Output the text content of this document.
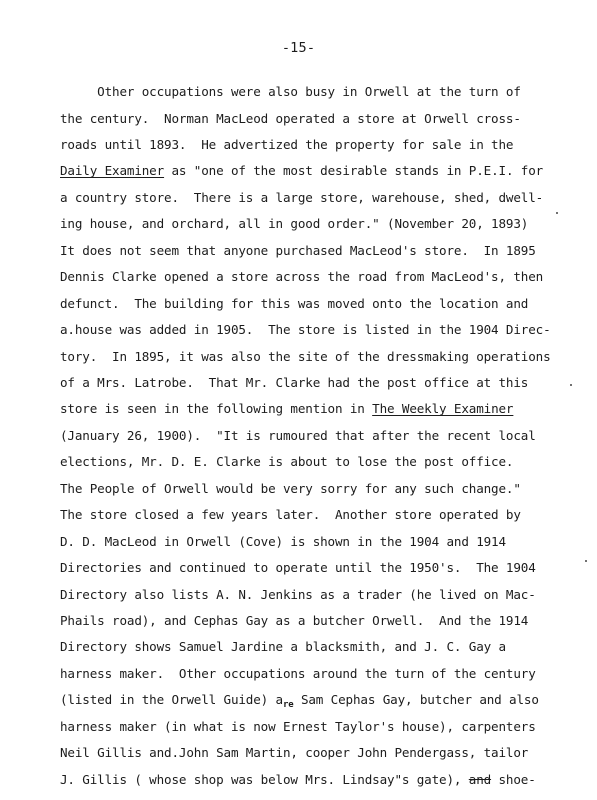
-15-
Other occupations were also busy in Orwell at the turn of
the century.  Norman MacLeod operated a store at Orwell cross-
roads until 1893.  He advertized the property for sale in the
Daily Examiner as "one of the most desirable stands in P.E.I. for
a country store.  There is a large store, warehouse, shed, dwell-
ing house, and orchard, all in good order." (November 20, 1893)
It does not seem that anyone purchased MacLeod's store.  In 1895
Dennis Clarke opened a store across the road from MacLeod's, then
defunct.  The building for this was moved onto the location and
a.house was added in 1905.  The store is listed in the 1904 Direc-
tory.  In 1895, it was also the site of the dressmaking operations
of a Mrs. Latrobe.  That Mr. Clarke had the post office at this
store is seen in the following mention in The Weekly Examiner
(January 26, 1900).  "It is rumoured that after the recent local
elections, Mr. D. E. Clarke is about to lose the post office.
The People of Orwell would be very sorry for any such change."
The store closed a few years later.  Another store operated by
D. D. MacLeod in Orwell (Cove) is shown in the 1904 and 1914
Directories and continued to operate until the 1950's.  The 1904
Directory also lists A. N. Jenkins as a trader (he lived on Mac-
Phails road), and Cephas Gay as a butcher Orwell.  And the 1914
Directory shows Samuel Jardine a blacksmith, and J. C. Gay a
harness maker.  Other occupations around the turn of the century
(listed in the Orwell Guide) $a_{re}$ Sam Cephas Gay, butcher and also
harness maker (in what is now Ernest Taylor's house), carpenters
Neil Gillis and.John Sam Martin, cooper John Pendergass, tailor
J. Gillis ( whose shop was below Mrs. Lindsay"s gate), and shoe-
